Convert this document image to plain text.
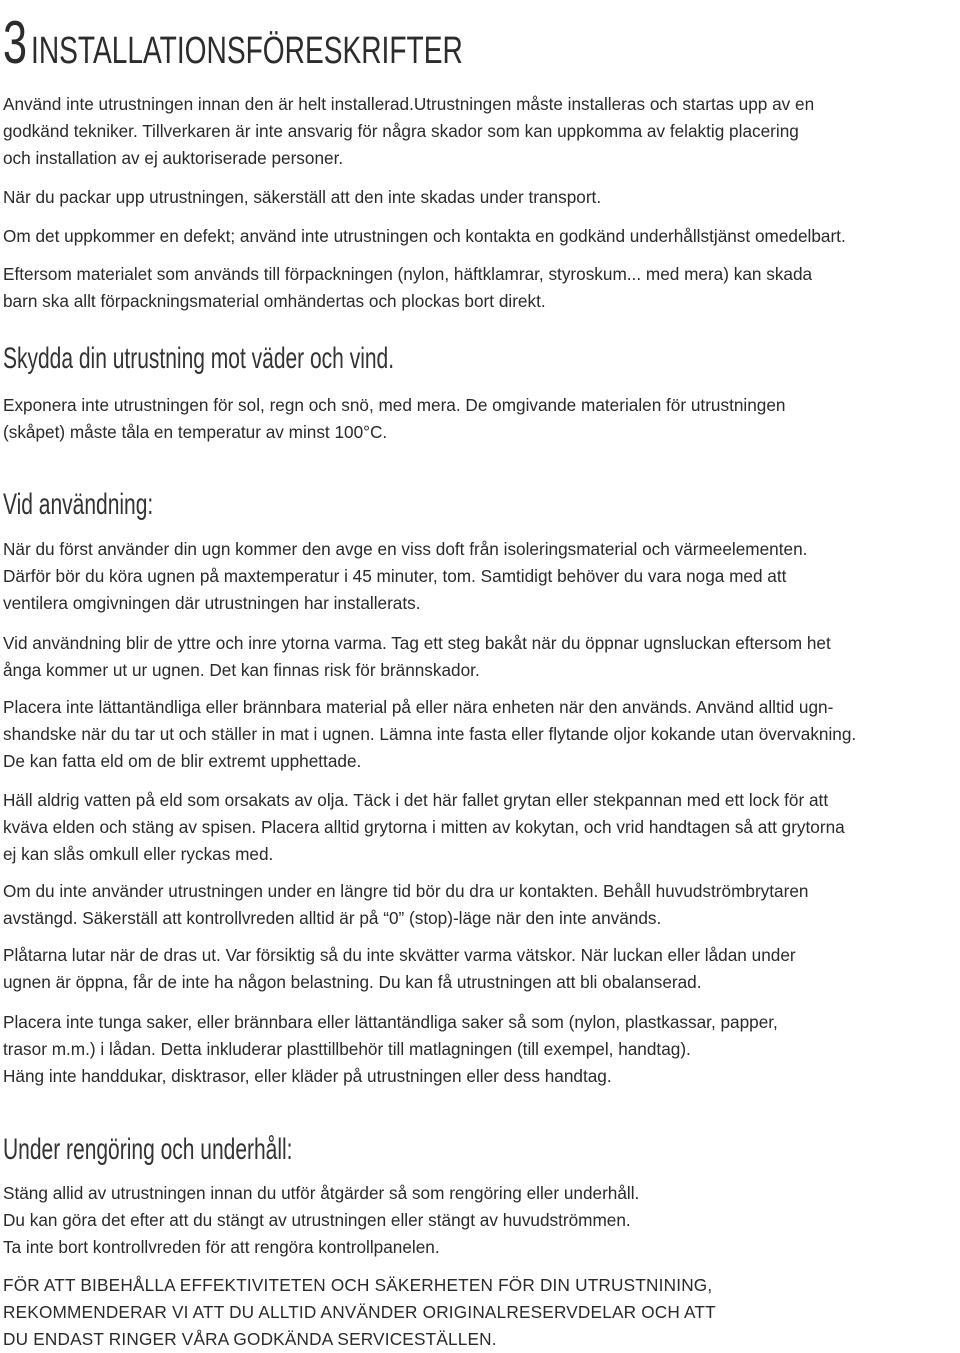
3 INSTALLATIONSFÖRESKRIFTER
Använd inte utrustningen innan den är helt installerad.Utrustningen måste installeras och startas upp av en
godkänd tekniker. Tillverkaren är inte ansvarig för några skador som kan uppkomma av felaktig placering
och installation av ej auktoriserade personer.
När du packar upp utrustningen, säkerställ att den inte skadas under transport.
Om det uppkommer en defekt; använd inte utrustningen och kontakta en godkänd underhållstjänst omedelbart.
Eftersom materialet som används till förpackningen (nylon, häftklamrar, styroskum... med mera) kan skada
barn ska allt förpackningsmaterial omhändertas och plockas bort direkt.
Skydda din utrustning mot väder och vind.
Exponera inte utrustningen för sol, regn och snö, med mera. De omgivande materialen för utrustningen
(skåpet) måste tåla en temperatur av minst 100°C.
Vid användning:
När du först använder din ugn kommer den avge en viss doft från isoleringsmaterial och värmeelementen.
Därför bör du köra ugnen på maxtemperatur i 45 minuter, tom. Samtidigt behöver du vara noga med att
ventilera omgivningen där utrustningen har installerats.
Vid användning blir de yttre och inre ytorna varma. Tag ett steg bakåt när du öppnar ugnsluckan eftersom het
ånga kommer ut ur ugnen. Det kan finnas risk för brännskador.
Placera inte lättantändliga eller brännbara material på eller nära enheten när den används. Använd alltid ugn-
shandske när du tar ut och ställer in mat i ugnen. Lämna inte fasta eller flytande oljor kokande utan övervakning.
De kan fatta eld om de blir extremt upphettade.
Häll aldrig vatten på eld som orsakats av olja. Täck i det här fallet grytan eller stekpannan med ett lock för att
kväva elden och stäng av spisen. Placera alltid grytorna i mitten av kokytan, och vrid handtagen så att grytorna
ej kan slås omkull eller ryckas med.
Om du inte använder utrustningen under en längre tid bör du dra ur kontakten. Behåll huvudströmbrytaren
avstängd. Säkerställ att kontrollvreden alltid är på “0” (stop)-läge när den inte används.
Plåtarna lutar när de dras ut. Var försiktig så du inte skvätter varma vätskor. När luckan eller lådan under
ugnen är öppna, får de inte ha någon belastning. Du kan få utrustningen att bli obalanserad.
Placera inte tunga saker, eller brännbara eller lättantändliga saker så som (nylon, plastkassar, papper,
trasor m.m.) i lådan. Detta inkluderar plasttillbehör till matlagningen (till exempel, handtag).
Häng inte handdukar, disktrasor, eller kläder på utrustningen eller dess handtag.
Under rengöring och underhåll:
Stäng allid av utrustningen innan du utför åtgärder så som rengöring eller underhåll.
Du kan göra det efter att du stängt av utrustningen eller stängt av huvudströmmen.
Ta inte bort kontrollvreden för att rengöra kontrollpanelen.
FÖR ATT BIBEHÅLLA EFFEKTIVITETEN OCH SÄKERHETEN FÖR DIN UTRUSTNINING,
REKOMMENDERAR VI ATT DU ALLTID ANVÄNDER ORIGINALRESERVDELAR OCH ATT
DU ENDAST RINGER VÅRA GODKÄNDA SERVICESTÄLLEN.
